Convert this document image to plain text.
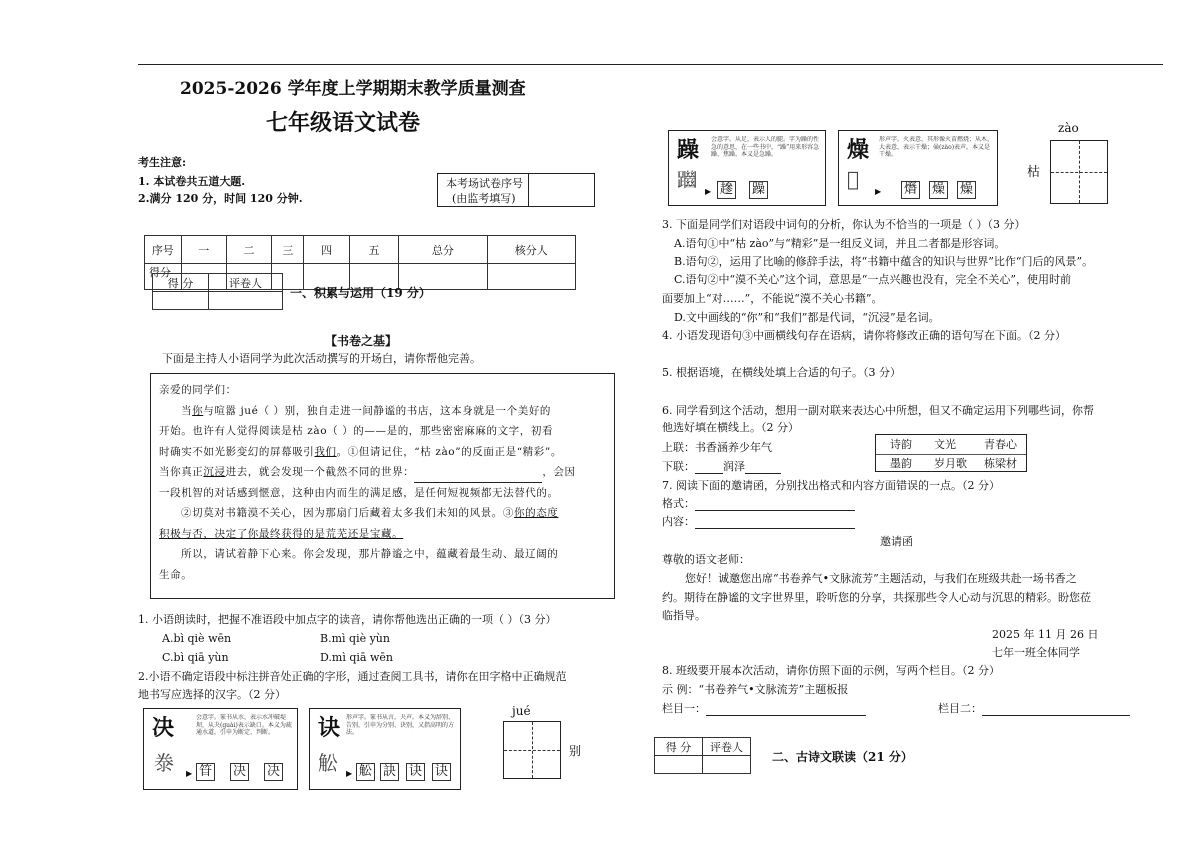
2025-2026 学年度上学期期末教学质量测查
七年级语文试卷
考生注意:
1. 本试卷共五道大题.
2.满分 120 分，时间 120 分钟.
本考场试卷序号
(由监考填写)
序号	一	二	三	四	五	总分	核分人
得分							
得 分	评卷人

一、积累与运用（19 分）
【书卷之基】
下面是主持人小语同学为此次活动撰写的开场白，请你帮他完善。

亲爱的同学们：

当你与喧嚣 jué（ ）别，独自走进一间静谧的书店，这本身就是一个美好的

开始。也许有人觉得阅读是枯 zào（ ）的——是的，那些密密麻麻的文字，初看

时确实不如光影变幻的屏幕吸引我们。①但请记住，“枯 zào”的反面正是“精彩”。

当你真正沉浸进去，就会发现一个截然不同的世界：	，会因

一段机智的对话感到惬意，这种由内而生的满足感，是任何短视频都无法替代的。

②切莫对书籍漠不关心，因为那扇门后藏着太多我们未知的风景。③你的态度

积极与否，决定了你最终获得的是荒芜还是宝藏。

所以，请试着静下心来。你会发现，那片静谧之中，蕴藏着最生动、最辽阔的

生命。

1. 小语朗读时，把握不准语段中加点字的读音，请你帮他选出正确的一项（ ）（3 分）
A.bì qiè wēn	B.mì qiè yùn
C.bì qiā yùn	D.mì qiā wēn
2.小语不确定语段中标注拼音处正确的字形，通过查阅工具书，请你在田字格中正确规范
地书写应选择的汉字。（2 分）
决	会意字。篆书从水，表示水冲破堤坝，从夬(guài)表示缺口。本义为疏通水道，引申为断定、判断。
𣳾 ▶ 䇞 决 决
诀 形声字。篆书从言，夬声。本义为辞别、告别，引申为分别、诀别，又指高明的方法。
䚗 ▶ 䚗 訣 诀 诀
jué
别
躁 会意字。从足，表示人的腿。字为躁的性急的意思，在一些书中，“躁”用来形容急躁、焦躁。本义是急躁。
𨇔 ▶ 䟃 躁
燥 形声字。火表意，其形像火苗燃烧；从木，大表意，表示干燥；喿(zào)表声。本义是干燥。
𤊞
▶ 熸 燥 燥
zào
枯
3. 下面是同学们对语段中词句的分析，你认为不恰当的一项是（ ）（3 分）
A.语句①中“枯 zào”与“精彩”是一组反义词，并且二者都是形容词。
B.语句②，运用了比喻的修辞手法，将“书籍中蕴含的知识与世界”比作“门后的风景”。
C.语句②中“漠不关心”这个词，意思是“一点兴趣也没有，完全不关心”，使用时前
面要加上“对……”，不能说“漠不关心书籍”。
D.文中画线的“你”和“我们”都是代词，“沉浸”是名词。
4. 小语发现语句③中画横线句存在语病，请你将修改正确的语句写在下面。（2 分）
5. 根据语境，在横线处填上合适的句子。（3 分）
6. 同学看到这个活动，想用一副对联来表达心中所想，但又不确定运用下列哪些词，你帮
他选好填在横线上。（2 分）
上联：书香涵养少年气
下联：	润泽
诗韵 文光	青春心
墨韵 岁月歌 栋梁材
7. 阅读下面的邀请函，分别找出格式和内容方面错误的一点。（2 分）
格式：
内容：
邀请函
尊敬的语文老师：
您好！诚邀您出席“书卷养气•文脉流芳”主题活动，与我们在班级共赴一场书香之
约。期待在静谧的文字世界里，聆听您的分享，共探那些令人心动与沉思的精彩。盼您莅
临指导。
2025 年 11 月 26 日
七年一班全体同学
8. 班级要开展本次活动，请你仿照下面的示例，写两个栏目。（2 分）
示 例：“书卷养气•文脉流芳”主题板报
栏目一：	栏目二：
得 分	评卷人

二、古诗文联读（21 分）
